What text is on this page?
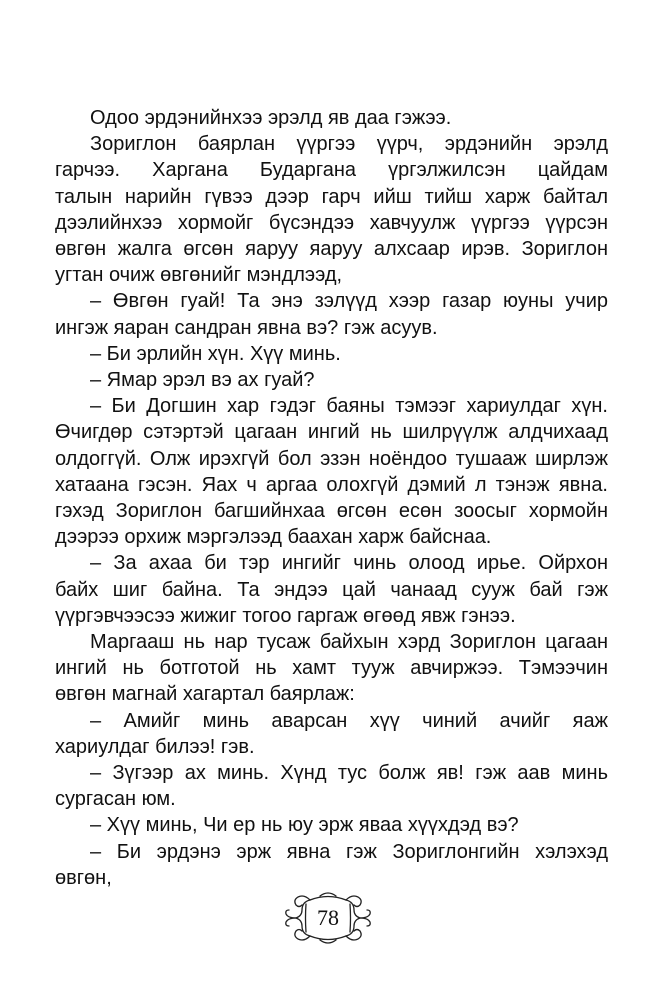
Одоо эрдэнийнхээ эрэлд яв даа гэжээ.
Зориглон баярлан үүргээ үүрч, эрдэнийн эрэлд
гарчээ. Харгана Бударгана үргэлжилсэн цайдам
талын нарийн гүвээ дээр гарч ийш тийш харж байтал
дээлийнхээ хормойг бүсэндээ хавчуулж үүргээ үүрсэн
өвгөн жалга өгсөн яаруу яаруу алхсаар ирэв. Зориглон
угтан очиж өвгөнийг мэндлээд,
– Өвгөн гуай! Та энэ зэлүүд хээр газар юуны учир
ингэж яаран сандран явна вэ? гэж асуув.
– Би эрлийн хүн. Хүү минь.
– Ямар эрэл вэ ах гуай?
– Би Догшин хар гэдэг баяны тэмээг хариулдаг хүн.
Өчигдөр сэтэртэй цагаан ингий нь шилрүүлж алдчихаад
олдоггүй. Олж ирэхгүй бол эзэн ноёндоо тушааж ширлэж
хатаана гэсэн. Яах ч аргаа олохгүй дэмий л тэнэж явна.
гэхэд Зориглон багшийнхаа өгсөн есөн зоосыг хормойн
дээрээ орхиж мэргэлээд баахан харж байснаа.
– За ахаа би тэр ингийг чинь олоод ирье. Ойрхон
байх шиг байна. Та эндээ цай чанаад сууж бай гэж
үүргэвчээсээ жижиг тогоо гаргаж өгөөд явж гэнээ.
Маргааш нь нар тусаж байхын хэрд Зориглон цагаан
ингий нь ботготой нь хамт тууж авчиржээ. Тэмээчин
өвгөн магнай хагартал баярлаж:
– Амийг минь аварсан хүү чиний ачийг яаж
хариулдаг билээ! гэв.
– Зүгээр ах минь. Хүнд тус болж яв! гэж аав минь
сургасан юм.
– Хүү минь, Чи ер нь юу эрж яваа хүүхдэд вэ?
– Би эрдэнэ эрж явна гэж Зориглонгийн хэлэхэд
өвгөн,
78
